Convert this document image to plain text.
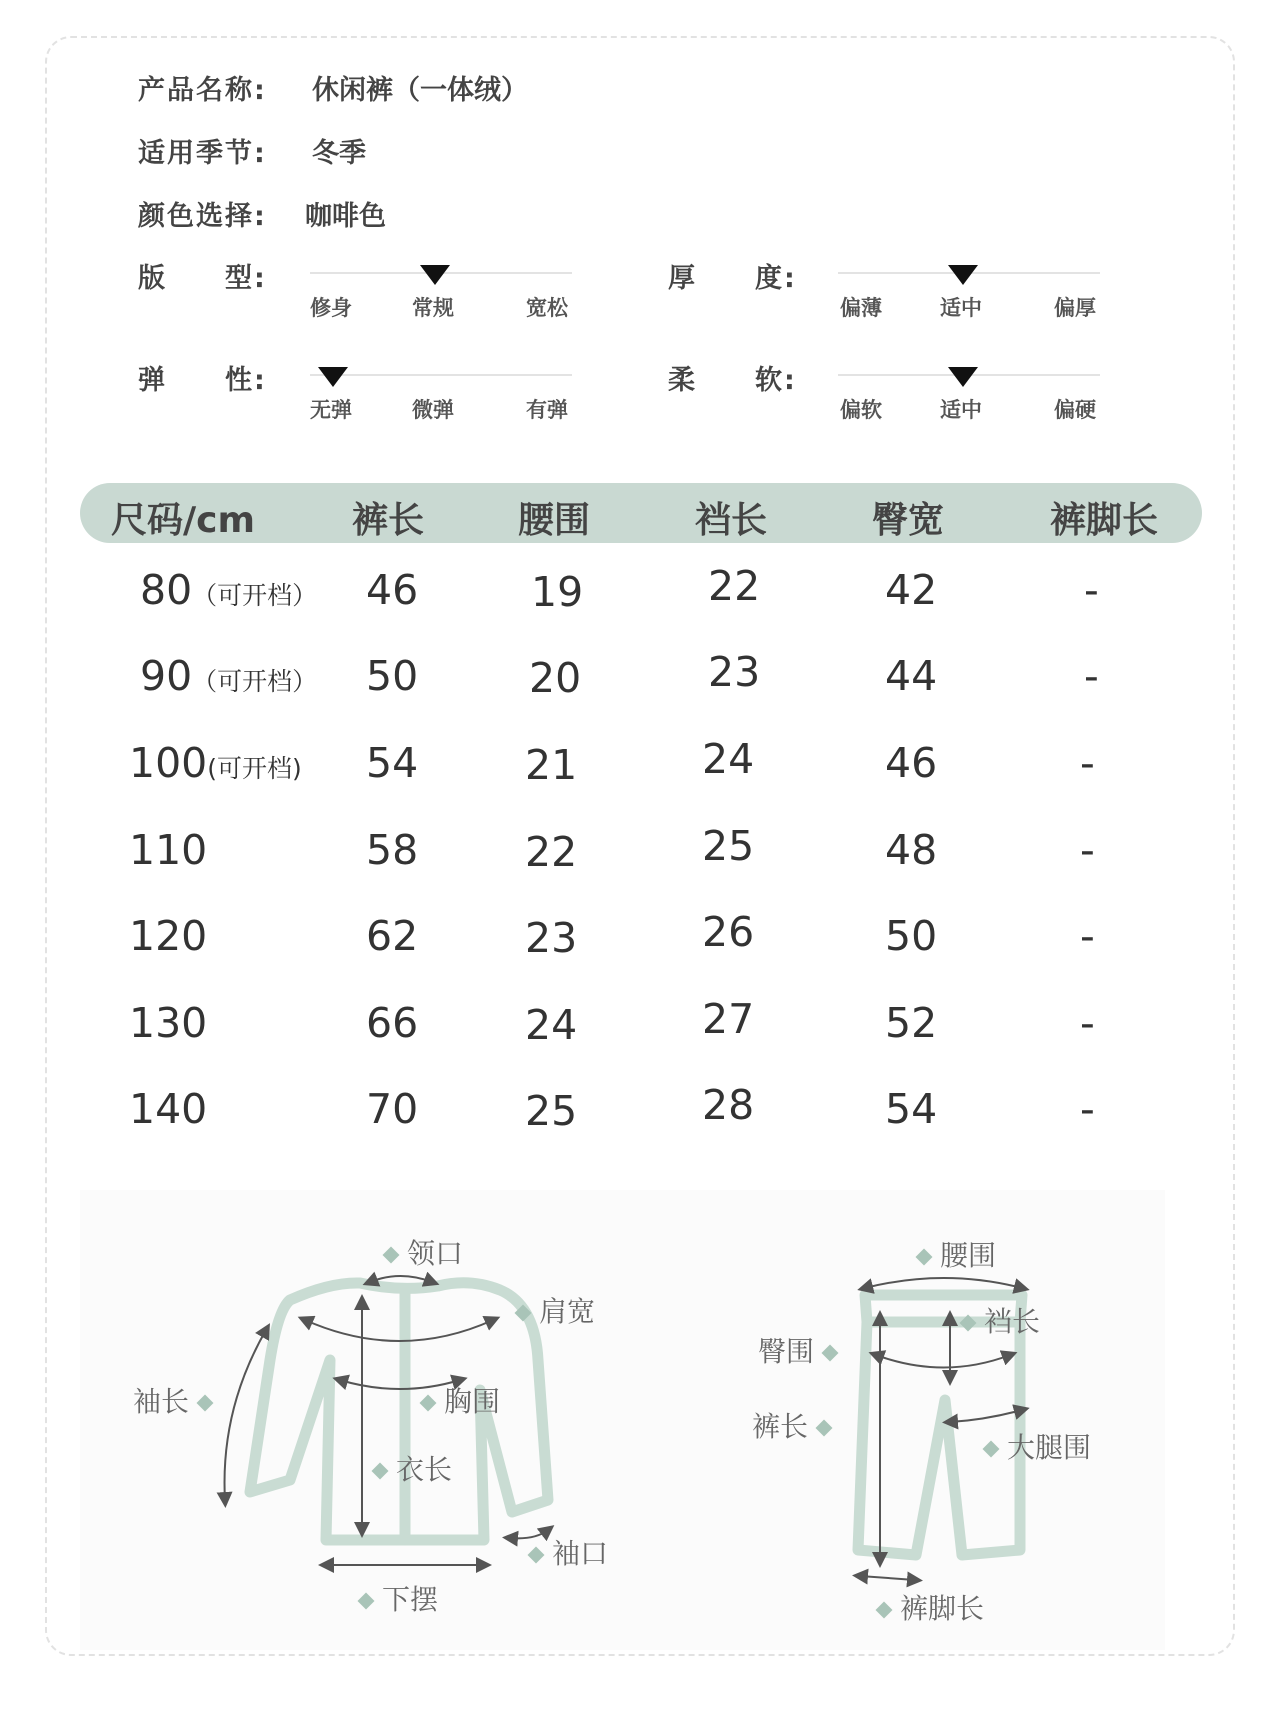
产品名称: 休闲裤（一体绒）
适用季节: 冬季
颜色选择: 咖啡色
版　　型:
修身	常规	宽松
厚　　度:
偏薄	适中	偏厚
弹　　性:
无弹	微弹	有弹
柔　　软:
偏软	适中	偏硬
尺码/cm	裤长	腰围	裆长	臀宽	裤脚长
80（可开档） 46	19	22	42	-
90（可开档） 50	20	23	44	-
100(可开档) 54	21	24	46	-
110	58	22	25	48	-
120	62	23	26	50	-
130	66	24	27	52	-
140	70	25	28	54	-
领口
肩宽
袖长	胸围
衣长
袖口
下摆
腰围
裆长
臀围
裤长
大腿围
裤脚长
